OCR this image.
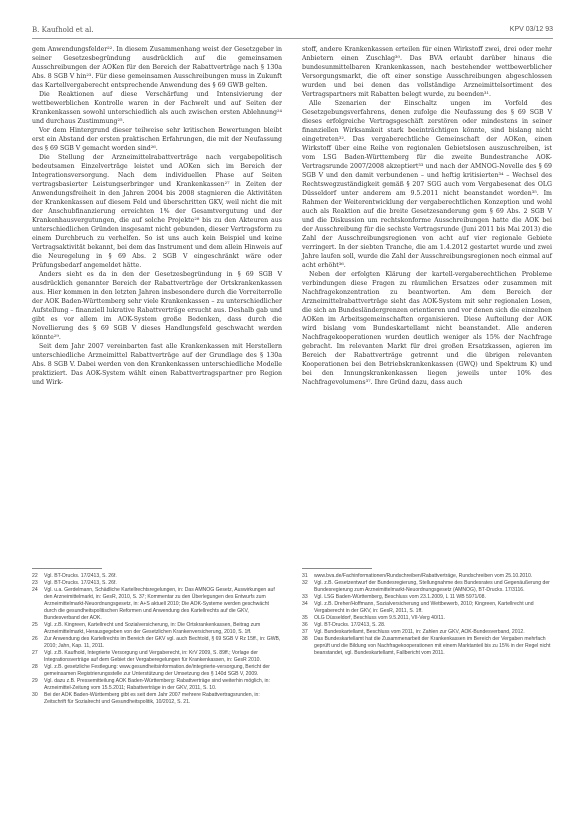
B. Kaufhold et al.	KPV 03/12 93

gem Anwendungsfelder²². In diesem Zusammenhang weist der Gesetzgeber in seiner Gesetzesbegründung ausdrücklich auf die gemeinsamen Ausschreibungen der AOKen für den Bereich der Rabattverträge nach § 130a Abs. 8 SGB V hin²³. Für diese gemeinsamen Ausschreibungen muss in Zukunft das Kartellvergaberecht entsprechende Anwendung des § 69 GWB gelten.

Die Reaktionen auf diese Verschärfung und Intensivierung der wettbewerblichen Kontrolle waren in der Fachwelt und auf Seiten der Krankenkassen sowohl unterschiedlich als auch zwischen ersten Ablehnung²⁴ und durchaus Zustimmung²⁵.

Vor dem Hintergrund dieser teilweise sehr kritischen Bewertungen bleibt erst ein Abstand der ersten praktischen Erfahrungen, die mit der Neufassung des § 69 SGB V gemacht worden sind²⁶.

Die Stellung der Arzneimittelrabattverträge nach vergabepolitisch bedeutsamen Einzelverträge leistet und AOKen sich im Bereich der Integrationsversorgung. Nach dem individuellen Phase auf Seiten vertragsbasierter Leistungserbringer und Krankenkassen²⁷ in Zeiten der Anwendungsfreiheit in den Jahren 2004 bis 2008 stagnieren die Aktivitäten der Krankenkassen auf diesem Feld und überschritten GKV, weil nicht die mit der Anschubfinanzierung erreichten 1% der Gesamtvergutung und der Krankenhausvergutungen, die auf solche Projekte²⁸ bis zu den Akteuren aus unterschiedlichen Gründen insgesamt nicht gebunden, dieser Vertragsform zu einem Durchbruch zu verhelfen. So ist uns auch kein Beispiel und keine Vertragsaktivität bekannt, bei dem das Instrument und dem allein Hinweis auf die Neuregelung in § 69 Abs. 2 SGB V eingeschränkt wäre oder Prüfungsbedarf angemeldet hätte.

Anders sieht es da in den der Gesetzesbegründung in § 69 SGB V ausdrücklich genannter Bereich der Rabattverträge der Ortskrankenkassen aus. Hier kommen in den letzten Jahren insbesondere durch die Vorreiterrolle der AOK Baden-Württemberg sehr viele Krankenkassen – zu unterschiedlicher Aufstellung – finanziell lukrative Rabattverträge ersucht aus. Deshalb gab und gibt es vor allem im AOK-System große Bedenken, dass durch die Novellierung des § 69 SGB V dieses Handlungsfeld geschwacht werden könnte²⁹.

Seit dem Jahr 2007 vereinbarten fast alle Krankenkassen mit Herstellern unterschiedliche Arzneimittel Rabattverträge auf der Grundlage des § 130a Abs. 8 SGB V. Dabei werden von den Krankenkassen unterschiedliche Modelle praktiziert. Das AOK-System wählt einen Rabattvertragspartner pro Region und Wirk-

stoff, andere Krankenkassen erteilen für einen Wirkstoff zwei, drei oder mehr Anbietern einen Zuschlag³⁰. Das BVA erlaubt darüber hinaus die bundesunmittelbaren Krankenkassen, nach bestehender wettbewerblicher Versorgungsmarkt, die oft einer sonstige Ausschreibungen abgeschlossen wurden und bei denen das vollständige Arzneimittelsortiment des Vertragspartners mit Rabatten belegt wurde, zu beenden³¹.

Alle Szenarien der Einschaltz ungen im Vorfeld des Gesetzgebungsverfahrens, denen zufolge die Neufassung des § 69 SGB V dieses erfolgreiche Vertragsgeschäft zerstören oder mindestens in seiner finanziellen Wirksamkeit stark beeinträchtigen könnte, sind bislang nicht eingetreten³². Das vergaberechtliche Gemeinschaft der AOKen, einen Wirkstoff über eine Reihe von regionalen Gebietslosen auszuschreiben, ist vom LSG Baden-Württemberg für die zweite Bundestranche AOK-Vertragsrunde 2007/2008 akzeptiert³³ und nach der AMNOG-Novelle des § 69 SGB V und den damit verbundenen – und heftig kritisierten³⁴ – Wechsel des Rechtswegzuständigkeit gemäß § 207 SGG auch vom Vergabesenat des OLG Düsseldorf unter anderem am 9.5.2011 nicht beanstandet worden³⁵. Im Rahmen der Weiterentwicklung der vergaberechtlichen Konzeption und wohl auch als Reaktion auf die breite Gesetzesanderung gem § 69 Abs. 2 SGB V und die Diskussion um rechtskonforme Ausschreibungen hatte die AOK bei der Ausschreibung für die sechste Vertragsrunde (Juni 2011 bis Mai 2013) die Zahl der Ausschreibungsregionen von acht auf vier regionale Gebiete verringert. In der siebten Tranche, die am 1.4.2012 gestartet wurde und zwei Jahre laufen soll, wurde die Zahl der Ausschreibungsregionen noch einmal auf acht erhöht³⁶.

Neben der erfolgten Klärung der kartell-vergaberechtlichen Probleme verbindungen diese Fragen zu räumlichen Ersatzes oder zusammen mit Nachfragekonzentration zu beantworten. Am dem Bereich der Arzneimittelrabattverträge sieht das AOK-System mit sehr regionalen Losen, die sich an Bundesländergrenzen orientieren und vor denen sich die einzelnen AOKen im Arbeitsgemeinschaften organisieren. Diese Aufteilung der AOK wird bislang vom Bundeskartellamt nicht beanstandet. Alle anderen Nachfragekooperationen wurden deutlich weniger als 15% der Nachfrage gebracht. Im relevanten Markt für drei großen Ersatzkassen, agieren im Bereich der Rabattverträge getrennt und die übrigen relevanten Kooperationen bei den Betriebskrankenkassen (GWQ) und Spektrum K) und bei den Innungskrankenkassen liegen jeweils unter 10% des Nachfragevolumens³⁷. Ihre Gründ dazu, dass auch

22 Vgl. BT-Drucks. 17/2413, S. 26f.
23 Vgl. BT-Drucks. 17/2413, S. 26f.
24 Vgl. u.a. Gerdelmann, Schädliche Kartellrechtsregelungen, in: Das AMNOG Gesetz, Auswirkungen auf den Arzneimittelmarkt, in: GesR, 2010, S. 37; Kommentar zu den Überlegungen des Entwurfs zum Arzneimittelmarkt-Neuordnungsgesetz, in: A+S aktuell 2010; Die AOK-Systeme werden geschwächt durch die gesundheitspolitischen Reformen und Anwendung des Kartellrechts auf die GKV, Bundesverband der AOK.
25 Vgl. z.B. Kingreen, Kartellrecht und Sozialversicherung, in: Die Ortskrankenkassen, Beitrag zum Arzneimittelmarkt, Herausgegeben von der Gesetzlichen Krankenversicherung, 2010, S. 1ff.
26 Zur Anwendung des Kartellrechts im Bereich der GKV vgl. auch Bechtold, § 69 SGB V Rz 15ff., in: GWB, 2010; Jahn, Kap. 11, 2011.
27 Vgl. z.B. Kaufhold, Integrierte Versorgung und Vergaberecht, in: KrV 2009, S. 89ff.; Vorlage der Integrationsverträge auf dem Gebiet der Vergaberegelungen für Krankenkassen, in: GesR 2010.
28 Vgl. z.B. gesetzliche Festlegung: www.gesundheitsinformation.de/integrierte-versorgung, Bericht der gemeinsamen Registrierungsstelle zur Unterstützung der Umsetzung des § 140d SGB V, 2009.
29 Vgl. dazu z.B. Pressemitteilung AOK Baden-Württemberg: Rabattverträge sind weiterhin möglich, in: Arzneimittel-Zeitung vom 15.5.2011; Rabattverträge in der GKV, 2011, S. 10.
30 Bei der AOK Baden-Württemberg gibt es seit dem Jahr 2007 mehrere Rabattvertragsrunden, in: Zeitschrift für Sozialrecht und Gesundheitspolitik, 10/2012, S. 21.
31 www.bva.de/Fachinformationen/Rundschreiben/Rabattverträge, Rundschreiben vom 25.10.2010.
32 Vgl. z.B. Gesetzentwurf der Bundesregierung, Stellungnahme des Bundesrates und Gegenäußerung der Bundesregierung zum Arzneimittelmarkt-Neuordnungsgesetz (AMNOG), BT-Drucks. 17/3116.
33 Vgl. LSG Baden-Württemberg, Beschluss vom 23.1.2009, L 11 WB 5971/08.
34 Vgl. z.B. Dreher/Hoffmann, Sozialversicherung und Wettbewerb, 2010; Kingreen, Kartellrecht und Vergaberecht in der GKV, in: GesR, 2011, S. 1ff.
35 OLG Düsseldorf, Beschluss vom 9.5.2011, VII-Verg 40/11.
36 Vgl. BT-Drucks. 17/2413, S. 28.
37 Vgl. Bundeskartellamt, Beschluss vom 2011, in: Zahlen zur GKV, AOK-Bundesverband, 2012.
38 Das Bundeskartellamt hat die Zusammenarbeit der Krankenkassen im Bereich der Vergaben mehrfach geprüft und die Bildung von Nachfragekooperationen mit einem Marktanteil bis zu 15% in der Regel nicht beanstandet, vgl. Bundeskartellamt, Fallbericht vom 2011.
